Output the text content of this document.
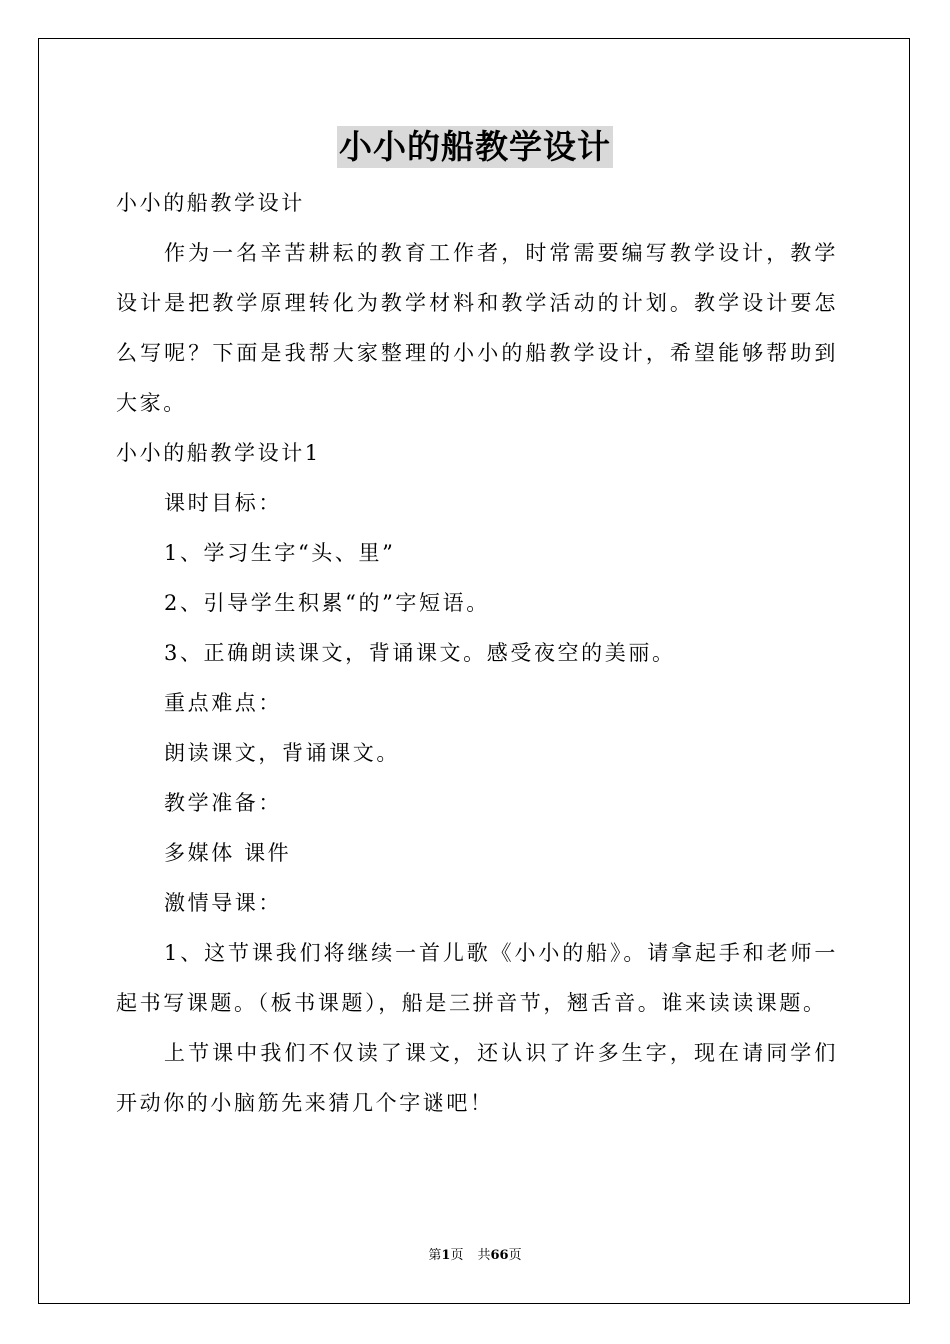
小小的船教学设计

小小的船教学设计

作为一名辛苦耕耘的教育工作者，时常需要编写教学设计，教学设计是把教学原理转化为教学材料和教学活动的计划。教学设计要怎么写呢？下面是我帮大家整理的小小的船教学设计，希望能够帮助到大家。

小小的船教学设计1

课时目标：

1、学习生字“头、里”

2、引导学生积累“的”字短语。

3、正确朗读课文，背诵课文。感受夜空的美丽。

重点难点：

朗读课文，背诵课文。

教学准备：

多媒体 课件

激情导课：

1、这节课我们将继续一首儿歌《小小的船》。请拿起手和老师一起书写课题。（板书课题），船是三拼音节，翘舌音。谁来读读课题。

上节课中我们不仅读了课文，还认识了许多生字，现在请同学们开动你的小脑筋先来猜几个字谜吧！

第1页 共66页
